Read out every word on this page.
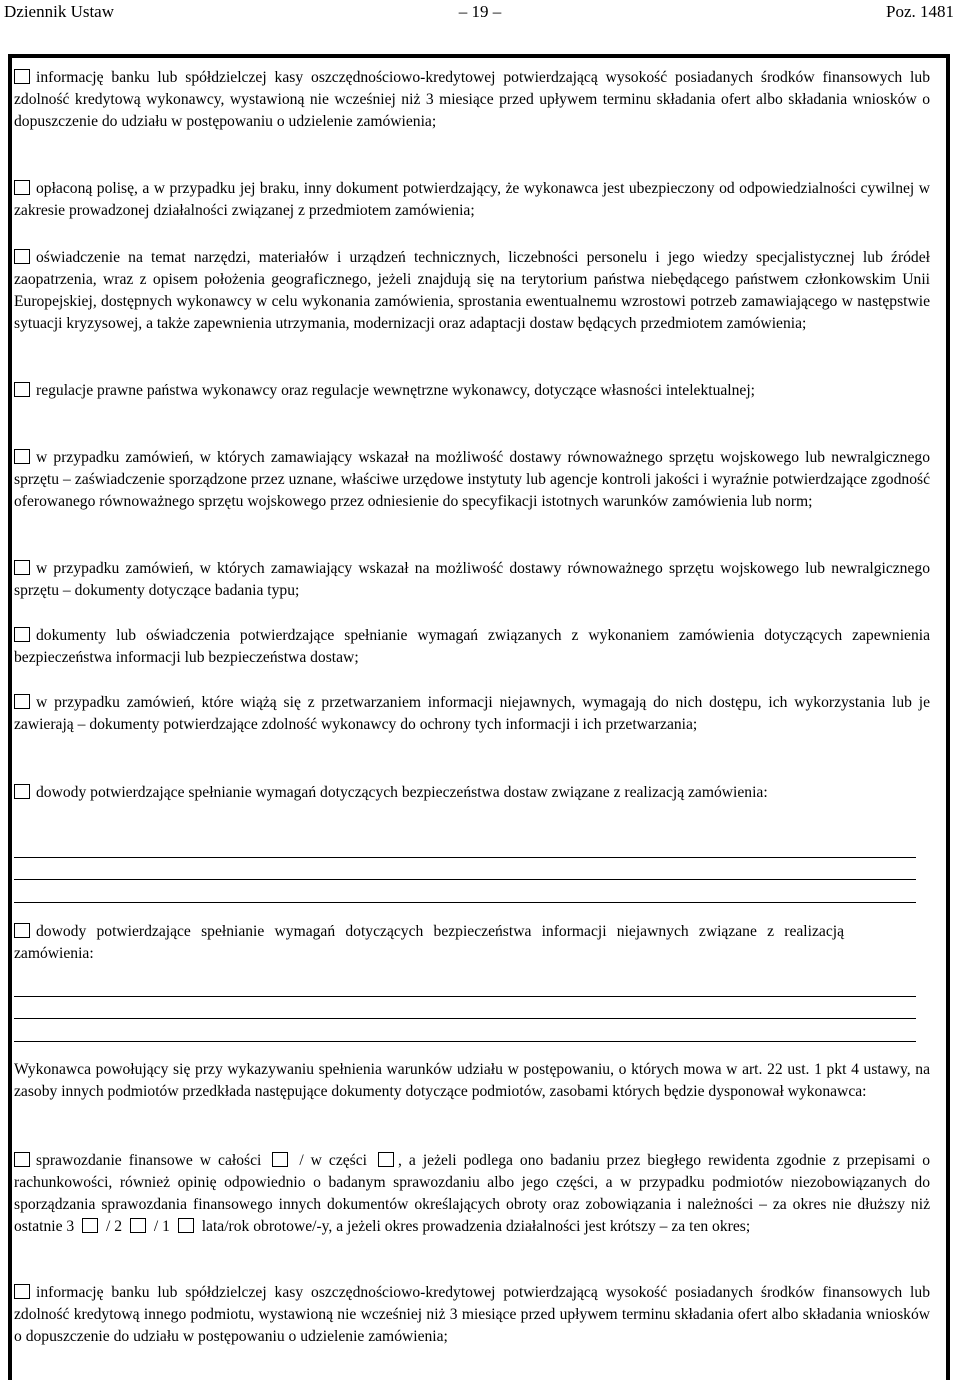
Dziennik Ustaw	– 19 –	Poz. 1481

informację banku lub spółdzielczej kasy oszczędnościowo-kredytowej potwierdzającą wysokość posiadanych środków finansowych lub zdolność kredytową wykonawcy, wystawioną nie wcześniej niż 3 miesiące przed upływem terminu składania ofert albo składania wniosków o dopuszczenie do udziału w postępowaniu o udzielenie zamówienia;

opłaconą polisę, a w przypadku jej braku, inny dokument potwierdzający, że wykonawca jest ubezpieczony od odpowiedzialności cywilnej w zakresie prowadzonej działalności związanej z przedmiotem zamówienia;

oświadczenie na temat narzędzi, materiałów i urządzeń technicznych, liczebności personelu i jego wiedzy specjalistycznej lub źródeł zaopatrzenia, wraz z opisem położenia geograficznego, jeżeli znajdują się na terytorium państwa niebędącego państwem członkowskim Unii Europejskiej, dostępnych wykonawcy w celu wykonania zamówienia, sprostania ewentualnemu wzrostowi potrzeb zamawiającego w następstwie sytuacji kryzysowej, a także zapewnienia utrzymania, modernizacji oraz adaptacji dostaw będących przedmiotem zamówienia;

regulacje prawne państwa wykonawcy oraz regulacje wewnętrzne wykonawcy, dotyczące własności intelektualnej;

w przypadku zamówień, w których zamawiający wskazał na możliwość dostawy równoważnego sprzętu wojskowego lub newralgicznego sprzętu – zaświadczenie sporządzone przez uznane, właściwe urzędowe instytuty lub agencje kontroli jakości i wyraźnie potwierdzające zgodność oferowanego równoważnego sprzętu wojskowego przez odniesienie do specyfikacji istotnych warunków zamówienia lub norm;

w przypadku zamówień, w których zamawiający wskazał na możliwość dostawy równoważnego sprzętu wojskowego lub newralgicznego sprzętu – dokumenty dotyczące badania typu;

dokumenty lub oświadczenia potwierdzające spełnianie wymagań związanych z wykonaniem zamówienia dotyczących zapewnienia bezpieczeństwa informacji lub bezpieczeństwa dostaw;

w przypadku zamówień, które wiążą się z przetwarzaniem informacji niejawnych, wymagają do nich dostępu, ich wykorzystania lub je zawierają – dokumenty potwierdzające zdolność wykonawcy do ochrony tych informacji i ich przetwarzania;

dowody potwierdzające spełnianie wymagań dotyczących bezpieczeństwa dostaw związane z realizacją zamówienia:

dowody potwierdzające spełnianie wymagań dotyczących bezpieczeństwa informacji niejawnych związane z realizacją zamówienia:

Wykonawca powołujący się przy wykazywaniu spełnienia warunków udziału w postępowaniu, o których mowa w art. 22 ust. 1 pkt 4 ustawy, na zasoby innych podmiotów przedkłada następujące dokumenty dotyczące podmiotów, zasobami których będzie dysponował wykonawca:

sprawozdanie finansowe w całości / w części , a jeżeli podlega ono badaniu przez biegłego rewidenta zgodnie z przepisami o rachunkowości, również opinię odpowiednio o badanym sprawozdaniu albo jego części, a w przypadku podmiotów niezobowiązanych do sporządzania sprawozdania finansowego innych dokumentów określających obroty oraz zobowiązania i należności – za okres nie dłuższy niż ostatnie 3 / 2 / 1 lata/rok obrotowe/-y, a jeżeli okres prowadzenia działalności jest krótszy – za ten okres;

informację banku lub spółdzielczej kasy oszczędnościowo-kredytowej potwierdzającą wysokość posiadanych środków finansowych lub zdolność kredytową innego podmiotu, wystawioną nie wcześniej niż 3 miesiące przed upływem terminu składania ofert albo składania wniosków o dopuszczenie do udziału w postępowaniu o udzielenie zamówienia;
